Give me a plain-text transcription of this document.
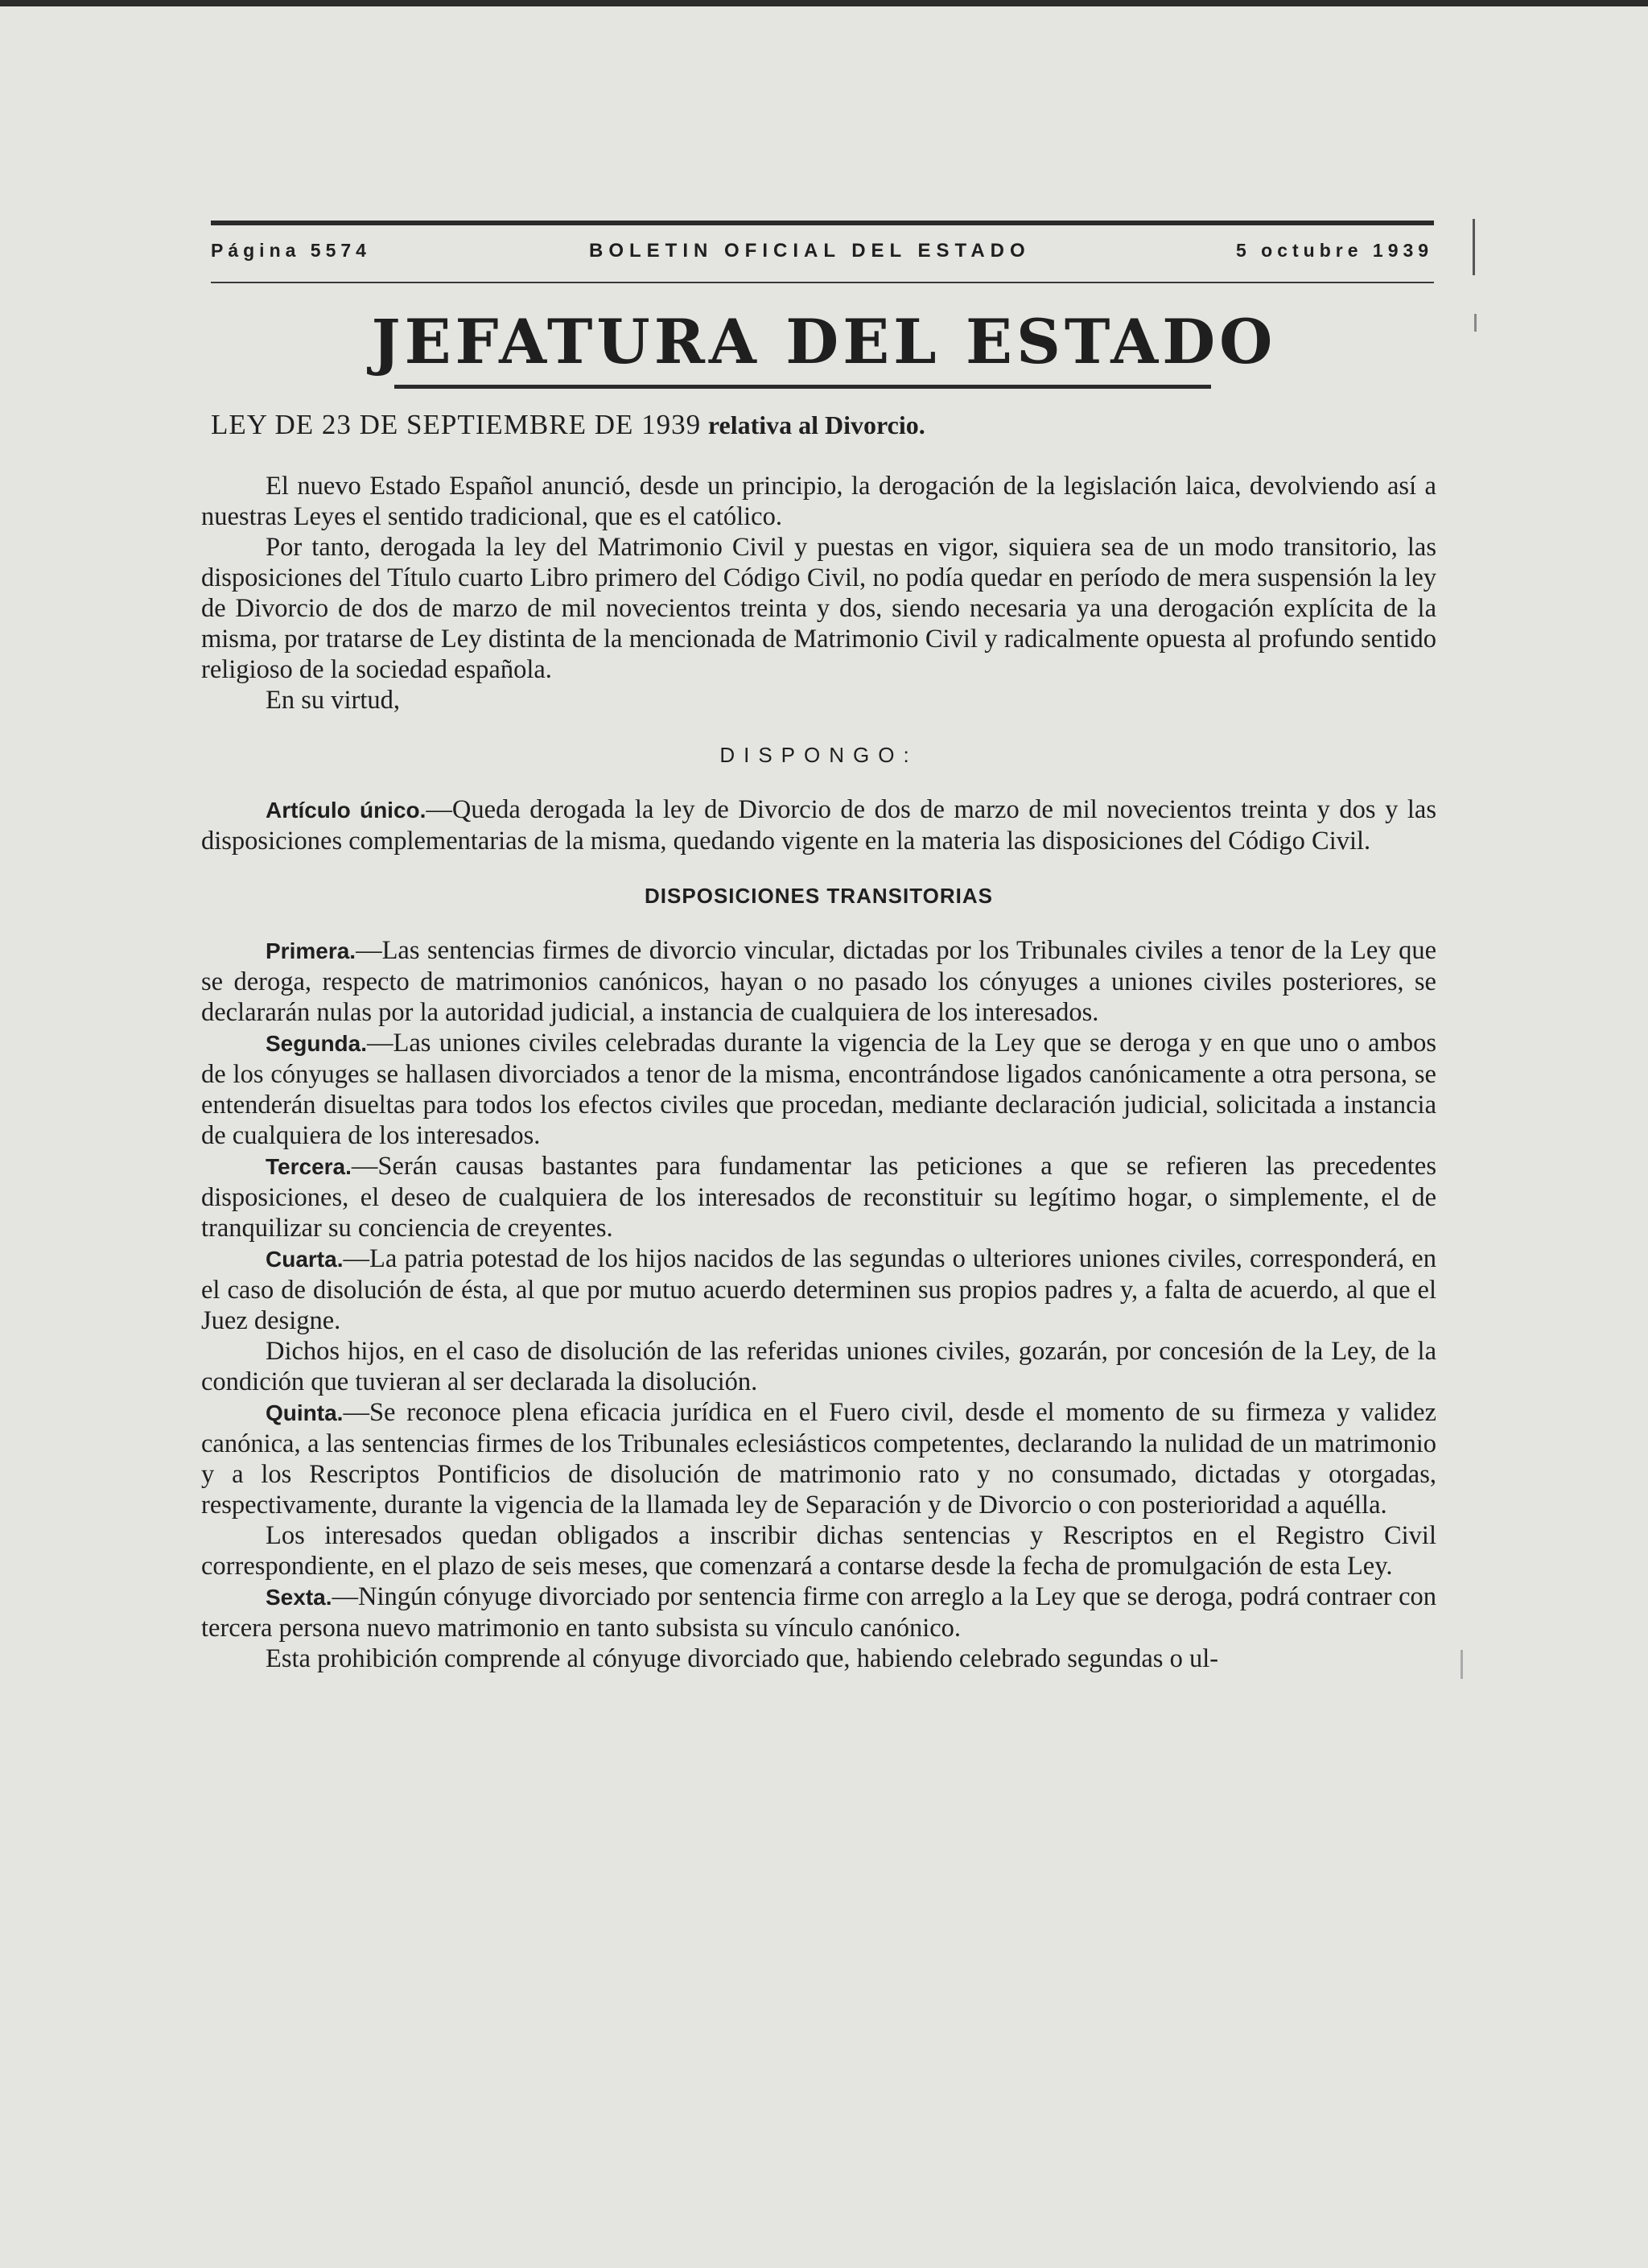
Página 5574	BOLETIN OFICIAL DEL ESTADO	5 octubre 1939
JEFATURA DEL ESTADO
LEY DE 23 DE SEPTIEMBRE DE 1939 relativa al Divorcio.

El nuevo Estado Español anunció, desde un principio, la derogación de la legislación laica, devolviendo así a nuestras Leyes el sentido tradicional, que es el católico.

Por tanto, derogada la ley del Matrimonio Civil y puestas en vigor, siquiera sea de un modo transitorio, las disposiciones del Título cuarto Libro primero del Código Civil, no podía quedar en período de mera suspensión la ley de Divorcio de dos de marzo de mil novecientos treinta y dos, siendo necesaria ya una derogación explícita de la misma, por tratarse de Ley distinta de la mencionada de Matrimonio Civil y radicalmente opuesta al profundo sentido religioso de la sociedad española.

En su virtud,

DISPONGO:

Artículo único.—Queda derogada la ley de Divorcio de dos de marzo de mil novecientos treinta y dos y las disposiciones complementarias de la misma, quedando vigente en la materia las disposiciones del Código Civil.

DISPOSICIONES TRANSITORIAS

Primera.—Las sentencias firmes de divorcio vincular, dictadas por los Tribunales civiles a tenor de la Ley que se deroga, respecto de matrimonios canónicos, hayan o no pasado los cónyuges a uniones civiles posteriores, se declararán nulas por la autoridad judicial, a instancia de cualquiera de los interesados.

Segunda.—Las uniones civiles celebradas durante la vigencia de la Ley que se deroga y en que uno o ambos de los cónyuges se hallasen divorciados a tenor de la misma, encontrándose ligados canónicamente a otra persona, se entenderán disueltas para todos los efectos civiles que procedan, mediante declaración judicial, solicitada a instancia de cualquiera de los interesados.

Tercera.—Serán causas bastantes para fundamentar las peticiones a que se refieren las precedentes disposiciones, el deseo de cualquiera de los interesados de reconstituir su legítimo hogar, o simplemente, el de tranquilizar su conciencia de creyentes.

Cuarta.—La patria potestad de los hijos nacidos de las segundas o ulteriores uniones civiles, corresponderá, en el caso de disolución de ésta, al que por mutuo acuerdo determinen sus propios padres y, a falta de acuerdo, al que el Juez designe.

Dichos hijos, en el caso de disolución de las referidas uniones civiles, gozarán, por concesión de la Ley, de la condición que tuvieran al ser declarada la disolución.

Quinta.—Se reconoce plena eficacia jurídica en el Fuero civil, desde el momento de su firmeza y validez canónica, a las sentencias firmes de los Tribunales eclesiásticos competentes, declarando la nulidad de un matrimonio y a los Rescriptos Pontificios de disolución de matrimonio rato y no consumado, dictadas y otorgadas, respectivamente, durante la vigencia de la llamada ley de Separación y de Divorcio o con posterioridad a aquélla.

Los interesados quedan obligados a inscribir dichas sentencias y Rescriptos en el Registro Civil correspondiente, en el plazo de seis meses, que comenzará a contarse desde la fecha de promulgación de esta Ley.

Sexta.—Ningún cónyuge divorciado por sentencia firme con arreglo a la Ley que se deroga, podrá contraer con tercera persona nuevo matrimonio en tanto subsista su vínculo canónico.

Esta prohibición comprende al cónyuge divorciado que, habiendo celebrado segundas o ul-
